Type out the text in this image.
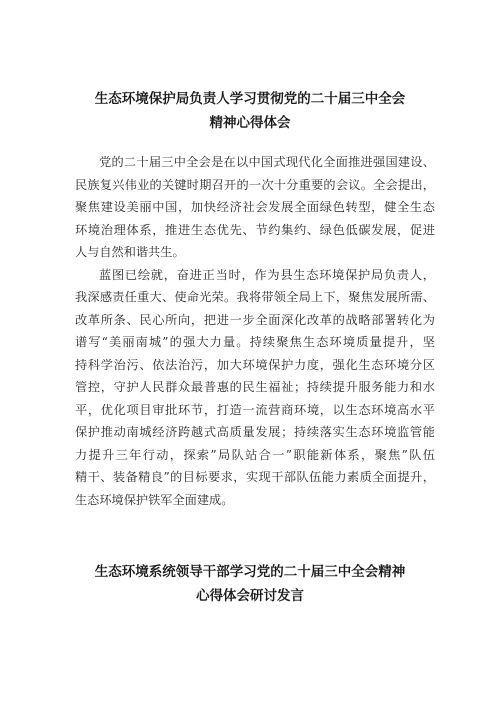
生态环境保护局负责人学习贯彻党的二十届三中全会
精神心得体会
党的二十届三中全会是在以中国式现代化全面推进强国建设、
民族复兴伟业的关键时期召开的一次十分重要的会议。全会提出，
聚焦建设美丽中国，加快经济社会发展全面绿色转型，健全生态
环境治理体系，推进生态优先、节约集约、绿色低碳发展，促进
人与自然和谐共生。
蓝图已绘就，奋进正当时，作为县生态环境保护局负责人，
我深感责任重大、使命光荣。我将带领全局上下，聚焦发展所需、
改革所条、民心所向，把进一步全面深化改革的战略部署转化为
谱写“美丽南城”的强大力量。持续聚焦生态环境质量提升，坚
持科学治污、依法治污，加大环境保护力度，强化生态环境分区
管控，守护人民群众最普惠的民生福祉；持续提升服务能力和水
平，优化项目审批环节，打造一流营商环境，以生态环境高水平
保护推动南城经济跨越式高质量发展；持续落实生态环境监管能
力提升三年行动，探索”局队站合一”职能新体系，聚焦”队伍
精干、装备精良”的目标要求，实现干部队伍能力素质全面提升，
生态环境保护铁军全面建成。
生态环境系统领导干部学习党的二十届三中全会精神
心得体会研讨发言
